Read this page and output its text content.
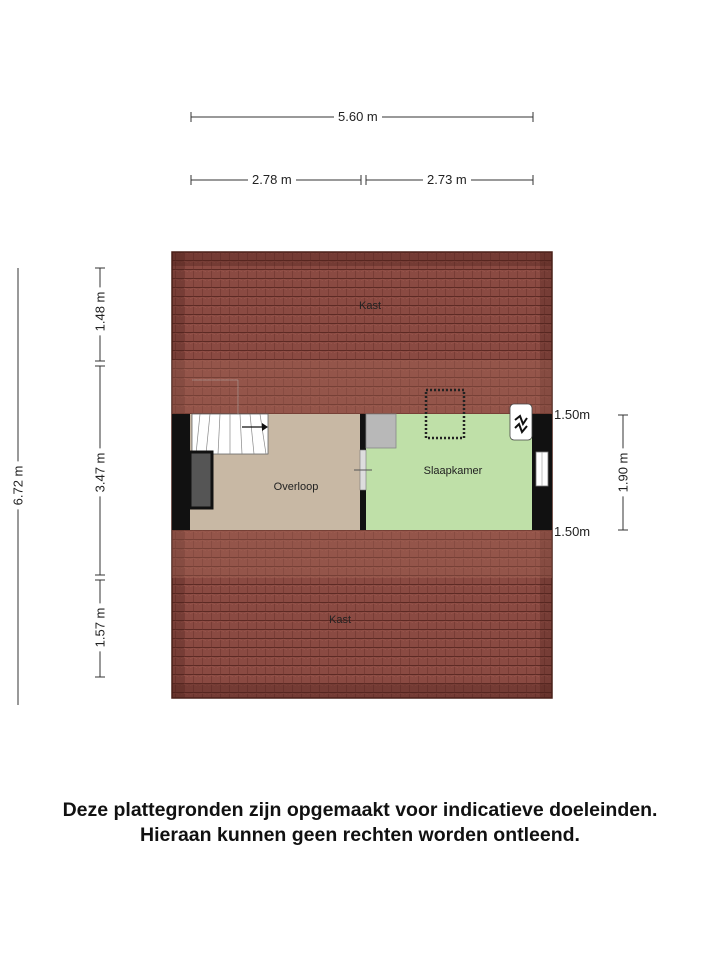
5.60 m
2.78 m	2.73 m
6.72 m
1.48 m
3.47 m
1.57 m
1.90 m
1.50m
1.50m
Kast
Overloop
Slaapkamer
Kast
Deze plattegronden zijn opgemaakt voor indicatieve doeleinden.
Hieraan kunnen geen rechten worden ontleend.
